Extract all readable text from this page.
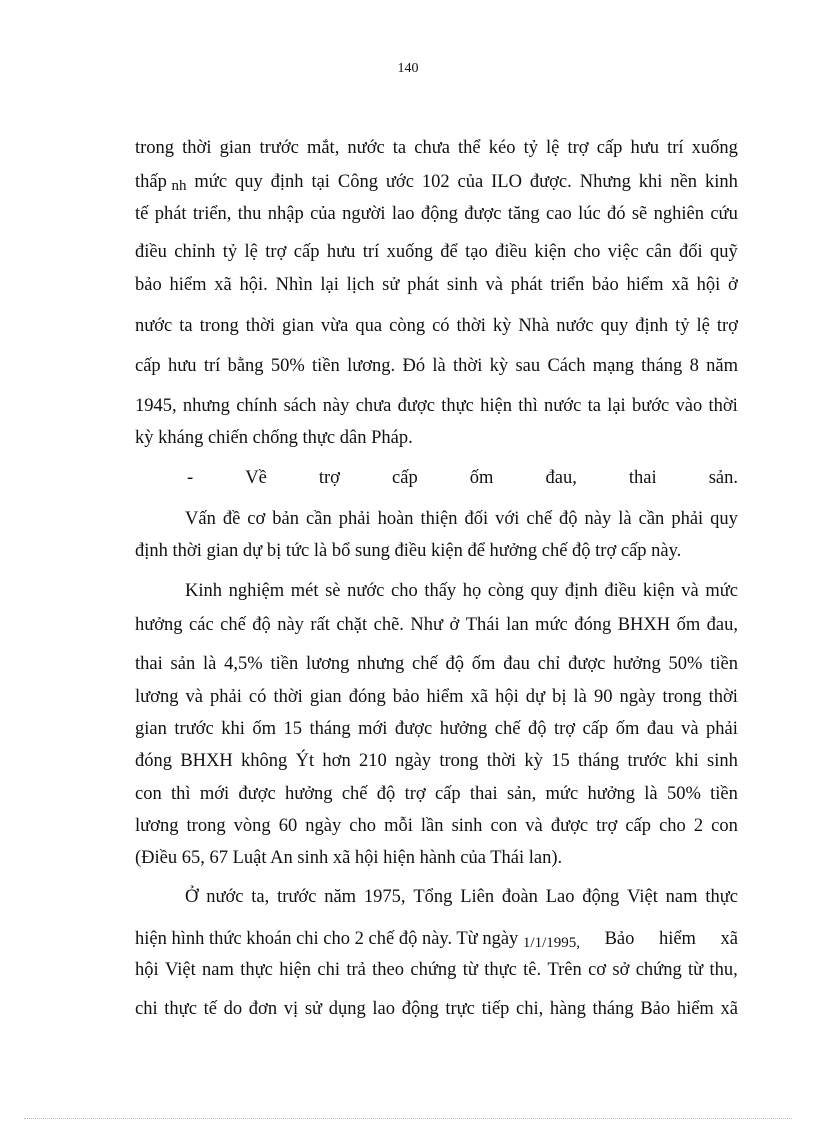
140
trong thời gian trước mắt, nước ta chưa thể kéo tỷ lệ trợ cấp hưu trí xuống
thấp nh mức quy định tại Công ước 102 của ILO được. Nhưng khi nền kinh
tế phát triển, thu nhập của người lao động được tăng cao lúc đó sẽ nghiên cứu
điều chỉnh tỷ lệ trợ cấp hưu trí xuống để tạo điều kiện cho việc cân đối quỹ
bảo hiểm xã hội. Nhìn lại lịch sử phát sinh và phát triển bảo hiểm xã hội ở
nước ta trong thời gian vừa qua còng có thời kỳ Nhà nước quy định tỷ lệ trợ
cấp hưu trí bằng 50% tiền lương. Đó là thời kỳ sau Cách mạng tháng 8 năm
1945, nhưng chính sách này chưa được thực hiện thì nước ta lại bước vào thời
kỳ kháng chiến chống thực dân Pháp.
-	Về	trợ	cấp	ốm	đau,	thai	sản.
Vấn đề cơ bản cần phải hoàn thiện đối với chế độ này là cần phải quy
định thời gian dự bị tức là bổ sung điều kiện để hưởng chế độ trợ cấp này.
Kinh nghiệm mét sè nước cho thấy họ còng quy định điều kiện và mức
hưởng các chế độ này rất chặt chẽ. Như ở Thái lan mức đóng BHXH ốm đau,
thai sản là 4,5% tiền lương nhưng chế độ ốm đau chỉ được hưởng 50% tiền
lương và phải có thời gian đóng bảo hiểm xã hội dự bị là 90 ngày trong thời
gian trước khi ốm 15 tháng mới được hưởng chế độ trợ cấp ốm đau và phải
đóng BHXH không Ýt hơn 210 ngày trong thời kỳ 15 tháng trước khi sinh
con thì mới được hưởng chế độ trợ cấp thai sản, mức hưởng là 50% tiền
lương trong vòng 60 ngày cho mỗi lần sinh con và được trợ cấp cho 2 con
(Điều 65, 67 Luật An sinh xã hội hiện hành của Thái lan).
Ở nước ta, trước năm 1975, Tổng Liên đoàn Lao động Việt nam thực
hiện hình thức khoán chi cho 2 chế độ này. Từ ngày 1/1/1995, Bảo hiểm xã
hội Việt nam thực hiện chi trả theo chứng từ thực tê. Trên cơ sở chứng từ thu,
chi thực tế do đơn vị sử dụng lao động trực tiếp chi, hàng tháng Bảo hiểm xã
